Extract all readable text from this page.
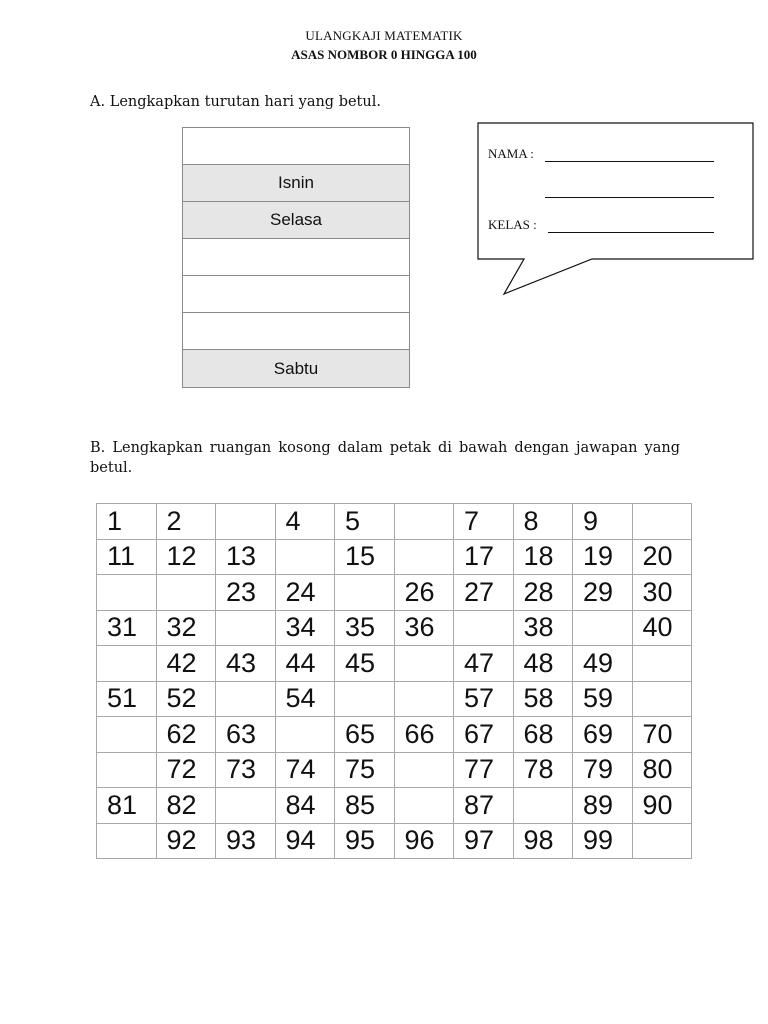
ULANGKAJI MATEMATIK
ASAS NOMBOR 0 HINGGA 100
A. Lengkapkan turutan hari yang betul.
Isnin
Selasa
Sabtu
NAMA :
KELAS :
B. Lengkapkan ruangan kosong dalam petak di bawah dengan jawapan yang betul.
1	2		4	5		7	8	9	
11	12	13		15		17	18	19	20
		23	24		26	27	28	29	30
31	32		34	35	36		38		40
	42	43	44	45		47	48	49	
51	52		54			57	58	59	
	62	63		65	66	67	68	69	70
	72	73	74	75		77	78	79	80
81	82		84	85		87		89	90
	92	93	94	95	96	97	98	99	
